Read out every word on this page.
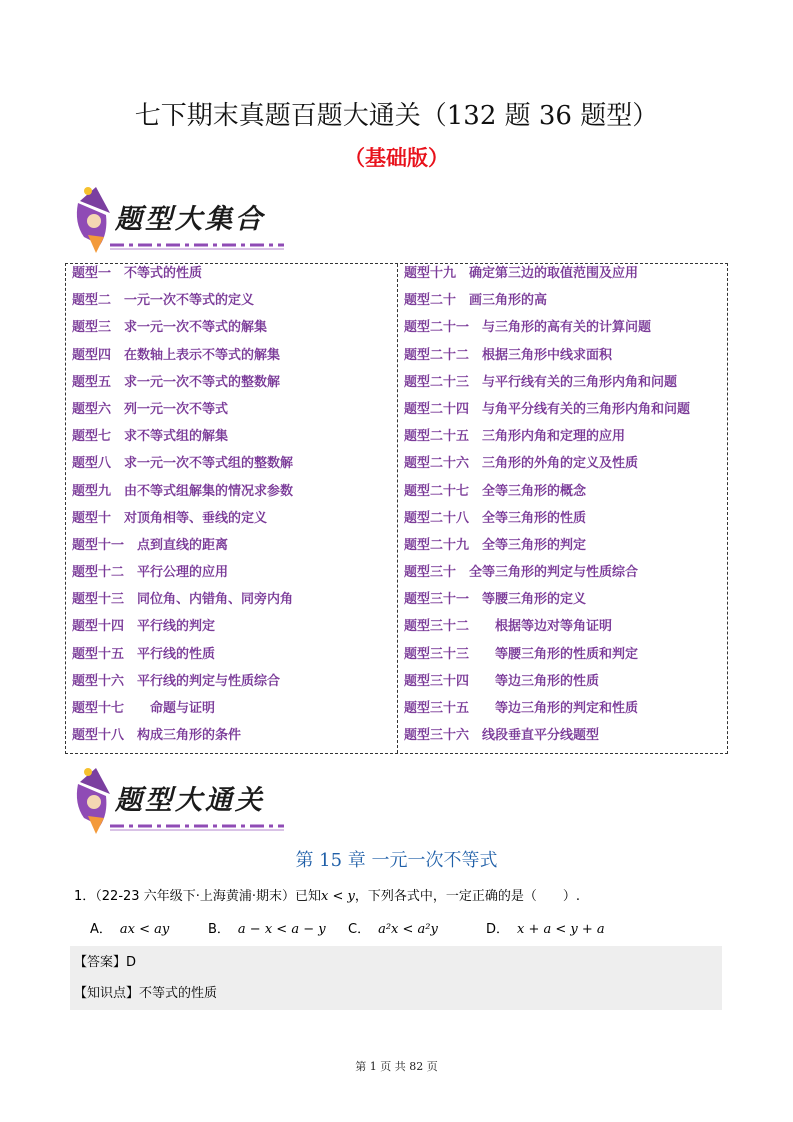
七下期末真题百题大通关（132 题 36 题型）
（基础版）
题型大集合
题型一　不等式的性质
题型二　一元一次不等式的定义
题型三　求一元一次不等式的解集
题型四　在数轴上表示不等式的解集
题型五　求一元一次不等式的整数解
题型六　列一元一次不等式
题型七　求不等式组的解集
题型八　求一元一次不等式组的整数解
题型九　由不等式组解集的情况求参数
题型十　对顶角相等、垂线的定义
题型十一　点到直线的距离
题型十二　平行公理的应用
题型十三　同位角、内错角、同旁内角
题型十四　平行线的判定
题型十五　平行线的性质
题型十六　平行线的判定与性质综合
题型十七　　命题与证明
题型十八　构成三角形的条件
题型十九　确定第三边的取值范围及应用
题型二十　画三角形的高
题型二十一　与三角形的高有关的计算问题
题型二十二　根据三角形中线求面积
题型二十三　与平行线有关的三角形内角和问题
题型二十四　与角平分线有关的三角形内角和问题
题型二十五　三角形内角和定理的应用
题型二十六　三角形的外角的定义及性质
题型二十七　全等三角形的概念
题型二十八　全等三角形的性质
题型二十九　全等三角形的判定
题型三十　全等三角形的判定与性质综合
题型三十一　等腰三角形的定义
题型三十二　　根据等边对等角证明
题型三十三　　等腰三角形的性质和判定
题型三十四　　等边三角形的性质
题型三十五　　等边三角形的判定和性质
题型三十六　线段垂直平分线题型
题型大通关
第 15 章 一元一次不等式
1．（22-23 六年级下·上海黄浦·期末）已知x < y，下列各式中，一定正确的是（　　）.
A． ax < ay	B． a − x < a − y C． a²x < a²y	D． x + a < y + a
【答案】D
【知识点】不等式的性质
第 1 页 共 82 页
